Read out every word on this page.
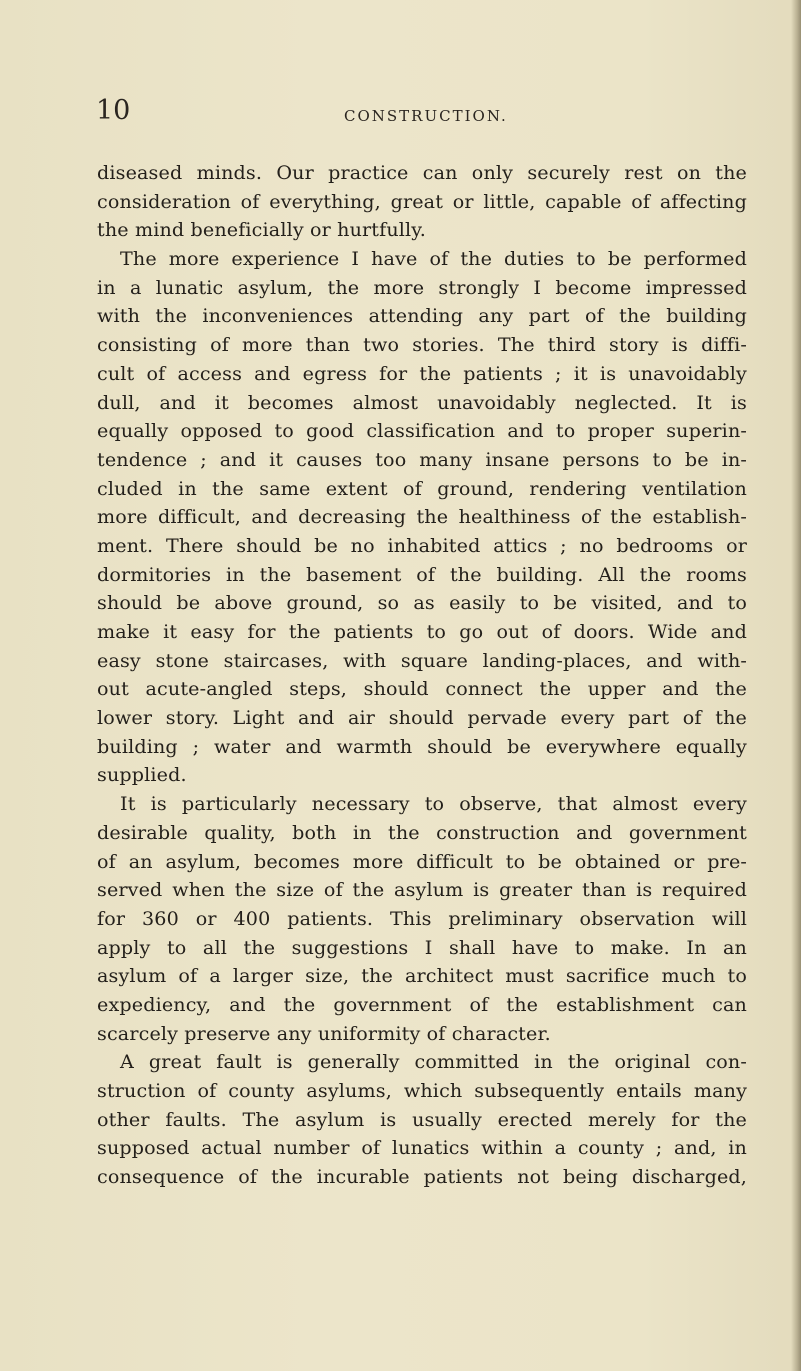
10	CONSTRUCTION.
diseased minds. Our practice can only securely rest on the
consideration of everything, great or little, capable of affecting
the mind beneficially or hurtfully.
The more experience I have of the duties to be performed
in a lunatic asylum, the more strongly I become impressed
with the inconveniences attending any part of the building
consisting of more than two stories. The third story is diffi-
cult of access and egress for the patients ; it is unavoidably
dull, and it becomes almost unavoidably neglected. It is
equally opposed to good classification and to proper superin-
tendence ; and it causes too many insane persons to be in-
cluded in the same extent of ground, rendering ventilation
more difficult, and decreasing the healthiness of the establish-
ment. There should be no inhabited attics ; no bedrooms or
dormitories in the basement of the building. All the rooms
should be above ground, so as easily to be visited, and to
make it easy for the patients to go out of doors. Wide and
easy stone staircases, with square landing-places, and with-
out acute-angled steps, should connect the upper and the
lower story. Light and air should pervade every part of the
building ; water and warmth should be everywhere equally
supplied.
It is particularly necessary to observe, that almost every
desirable quality, both in the construction and government
of an asylum, becomes more difficult to be obtained or pre-
served when the size of the asylum is greater than is required
for 360 or 400 patients. This preliminary observation will
apply to all the suggestions I shall have to make. In an
asylum of a larger size, the architect must sacrifice much to
expediency, and the government of the establishment can
scarcely preserve any uniformity of character.
A great fault is generally committed in the original con-
struction of county asylums, which subsequently entails many
other faults. The asylum is usually erected merely for the
supposed actual number of lunatics within a county ; and, in
consequence of the incurable patients not being discharged,
